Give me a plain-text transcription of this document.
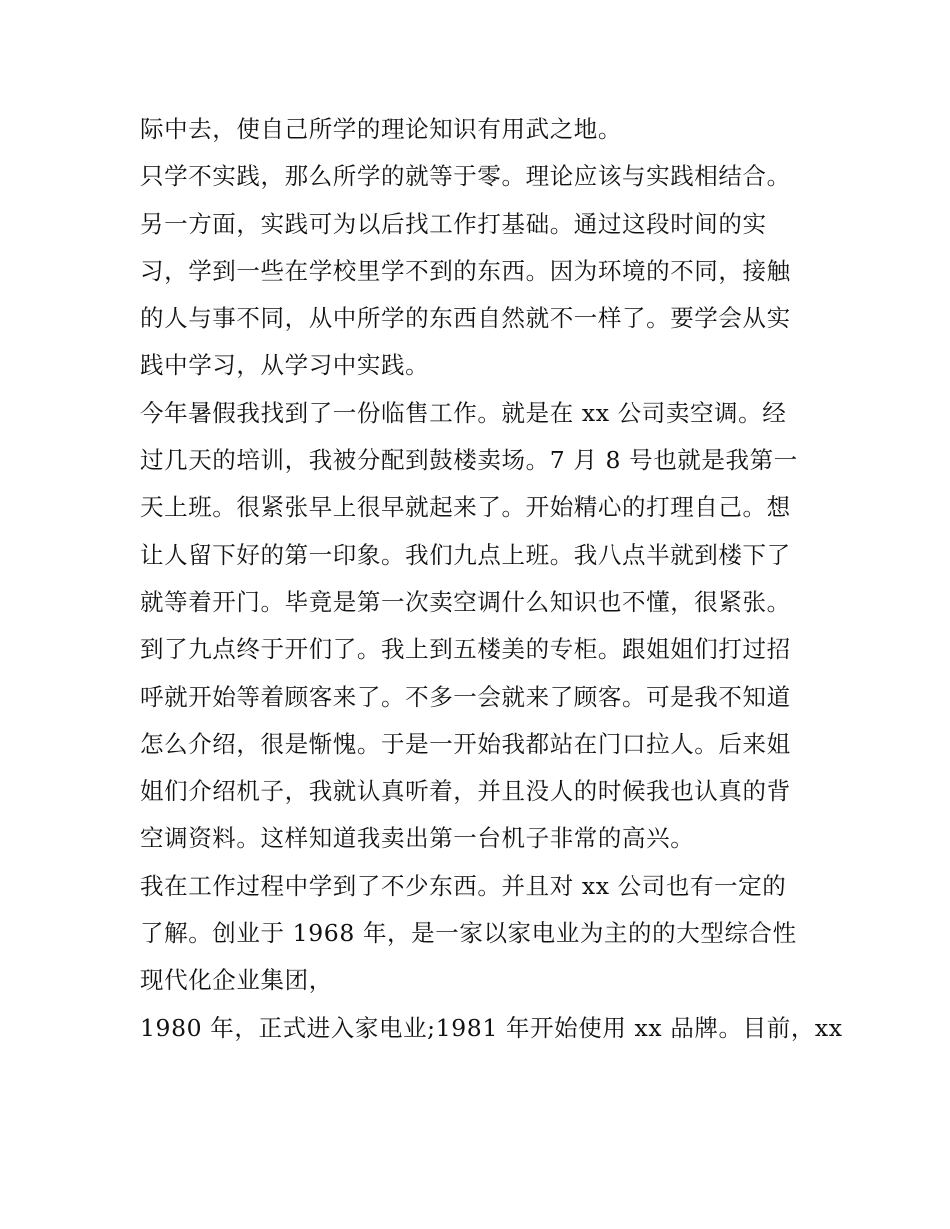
际中去，使自己所学的理论知识有用武之地。
只学不实践，那么所学的就等于零。理论应该与实践相结合。
另一方面，实践可为以后找工作打基础。通过这段时间的实
习，学到一些在学校里学不到的东西。因为环境的不同，接触
的人与事不同，从中所学的东西自然就不一样了。要学会从实
践中学习，从学习中实践。
今年暑假我找到了一份临售工作。就是在 xx 公司卖空调。经
过几天的培训，我被分配到鼓楼卖场。7 月 8 号也就是我第一
天上班。很紧张早上很早就起来了。开始精心的打理自己。想
让人留下好的第一印象。我们九点上班。我八点半就到楼下了
就等着开门。毕竟是第一次卖空调什么知识也不懂，很紧张。
到了九点终于开们了。我上到五楼美的专柜。跟姐姐们打过招
呼就开始等着顾客来了。不多一会就来了顾客。可是我不知道
怎么介绍，很是惭愧。于是一开始我都站在门口拉人。后来姐
姐们介绍机子，我就认真听着，并且没人的时候我也认真的背
空调资料。这样知道我卖出第一台机子非常的高兴。
我在工作过程中学到了不少东西。并且对 xx 公司也有一定的
了解。创业于 1968 年，是一家以家电业为主的的大型综合性
现代化企业集团，
1980 年，正式进入家电业;1981 年开始使用 xx 品牌。目前，xx
